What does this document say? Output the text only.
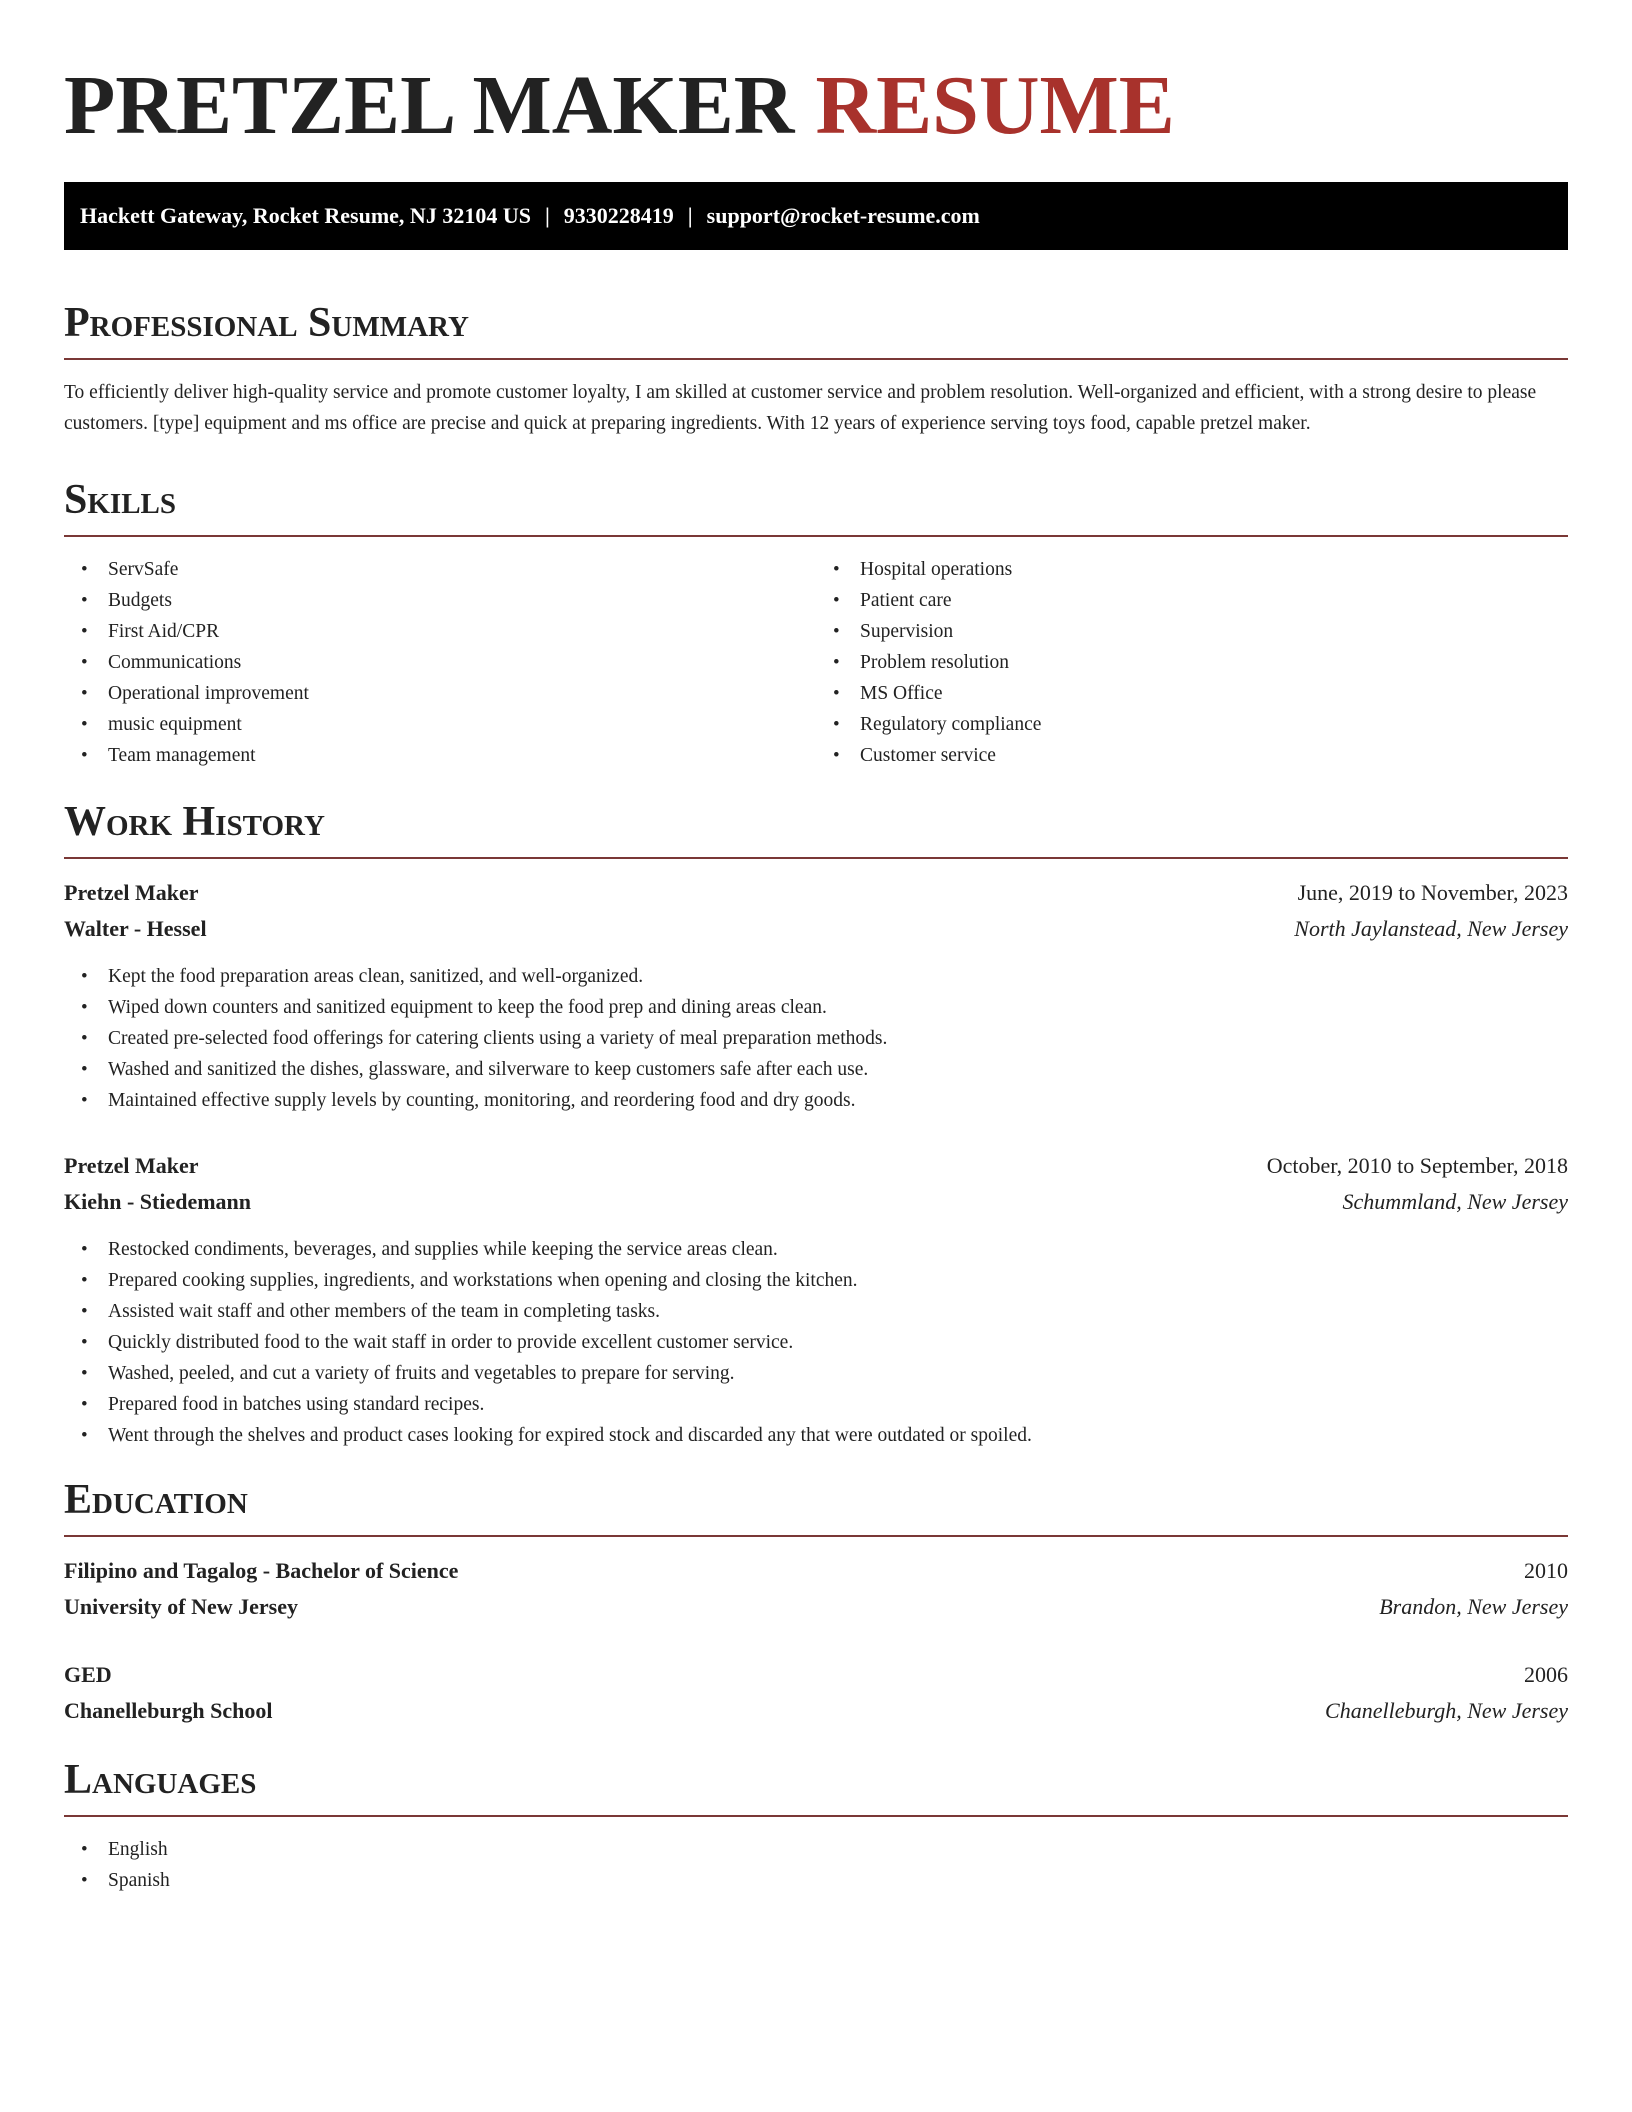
PRETZEL MAKER RESUME
Hackett Gateway, Rocket Resume, NJ 32104 US | 9330228419 | support@rocket-resume.com
Professional Summary

To efficiently deliver high-quality service and promote customer loyalty, I am skilled at customer service and problem resolution. Well-organized and efficient, with a strong desire to please customers. [type] equipment and ms office are precise and quick at preparing ingredients. With 12 years of experience serving toys food, capable pretzel maker.

Skills
• ServSafe
• Budgets
• First Aid/CPR
• Communications
• Operational improvement
• music equipment
• Team management
• Hospital operations
• Patient care
• Supervision
• Problem resolution
• MS Office
• Regulatory compliance
• Customer service
Work History
Pretzel Maker	June, 2019 to November, 2023
Walter - Hessel	North Jaylanstead, New Jersey
• Kept the food preparation areas clean, sanitized, and well-organized.
• Wiped down counters and sanitized equipment to keep the food prep and dining areas clean.
• Created pre-selected food offerings for catering clients using a variety of meal preparation methods.
• Washed and sanitized the dishes, glassware, and silverware to keep customers safe after each use.
• Maintained effective supply levels by counting, monitoring, and reordering food and dry goods.
Pretzel Maker	October, 2010 to September, 2018
Kiehn - Stiedemann	Schummland, New Jersey
• Restocked condiments, beverages, and supplies while keeping the service areas clean.
• Prepared cooking supplies, ingredients, and workstations when opening and closing the kitchen.
• Assisted wait staff and other members of the team in completing tasks.
• Quickly distributed food to the wait staff in order to provide excellent customer service.
• Washed, peeled, and cut a variety of fruits and vegetables to prepare for serving.
• Prepared food in batches using standard recipes.
• Went through the shelves and product cases looking for expired stock and discarded any that were outdated or spoiled.
Education
Filipino and Tagalog - Bachelor of Science	2010
University of New Jersey	Brandon, New Jersey
GED	2006
Chanelleburgh School	Chanelleburgh, New Jersey
Languages
• English
• Spanish
